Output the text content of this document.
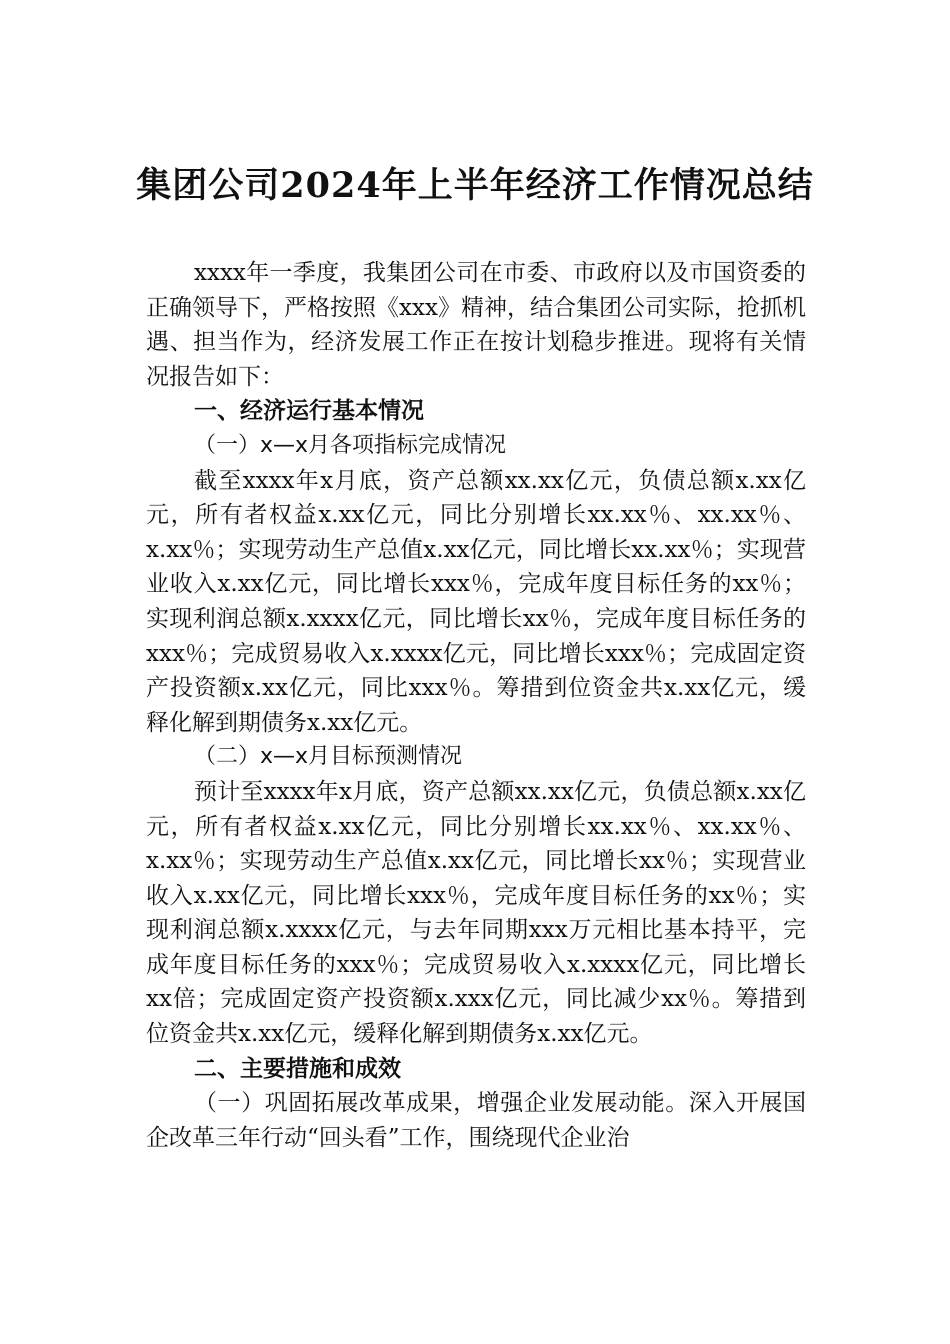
集团公司2024年上半年经济工作情况总结

xxxx年一季度，我集团公司在市委、市政府以及市国资委的正确领导下，严格按照《xxx》精神，结合集团公司实际，抢抓机遇、担当作为，经济发展工作正在按计划稳步推进。现将有关情况报告如下：

一、经济运行基本情况

（一）x—x月各项指标完成情况

截至xxxx年x月底，资产总额xx.xx亿元，负债总额x.xx亿元，所有者权益x.xx亿元，同比分别增长xx.xx％、xx.xx％、x.xx％；实现劳动生产总值x.xx亿元，同比增长xx.xx％；实现营业收入x.xx亿元，同比增长xxx％，完成年度目标任务的xx％；实现利润总额x.xxxx亿元，同比增长xx％，完成年度目标任务的xxx％；完成贸易收入x.xxxx亿元，同比增长xxx％；完成固定资产投资额x.xx亿元，同比xxx％。筹措到位资金共x.xx亿元，缓释化解到期债务x.xx亿元。

（二）x—x月目标预测情况

预计至xxxx年x月底，资产总额xx.xx亿元，负债总额x.xx亿元，所有者权益x.xx亿元，同比分别增长xx.xx％、xx.xx％、x.xx％；实现劳动生产总值x.xx亿元，同比增长xx％；实现营业收入x.xx亿元，同比增长xxx％，完成年度目标任务的xx％；实现利润总额x.xxxx亿元，与去年同期xxx万元相比基本持平，完成年度目标任务的xxx％；完成贸易收入x.xxxx亿元，同比增长xx倍；完成固定资产投资额x.xxx亿元，同比减少xx％。筹措到位资金共x.xx亿元，缓释化解到期债务x.xx亿元。

二、主要措施和成效

（一）巩固拓展改革成果，增强企业发展动能。深入开展国企改革三年行动“回头看”工作，围绕现代企业治
